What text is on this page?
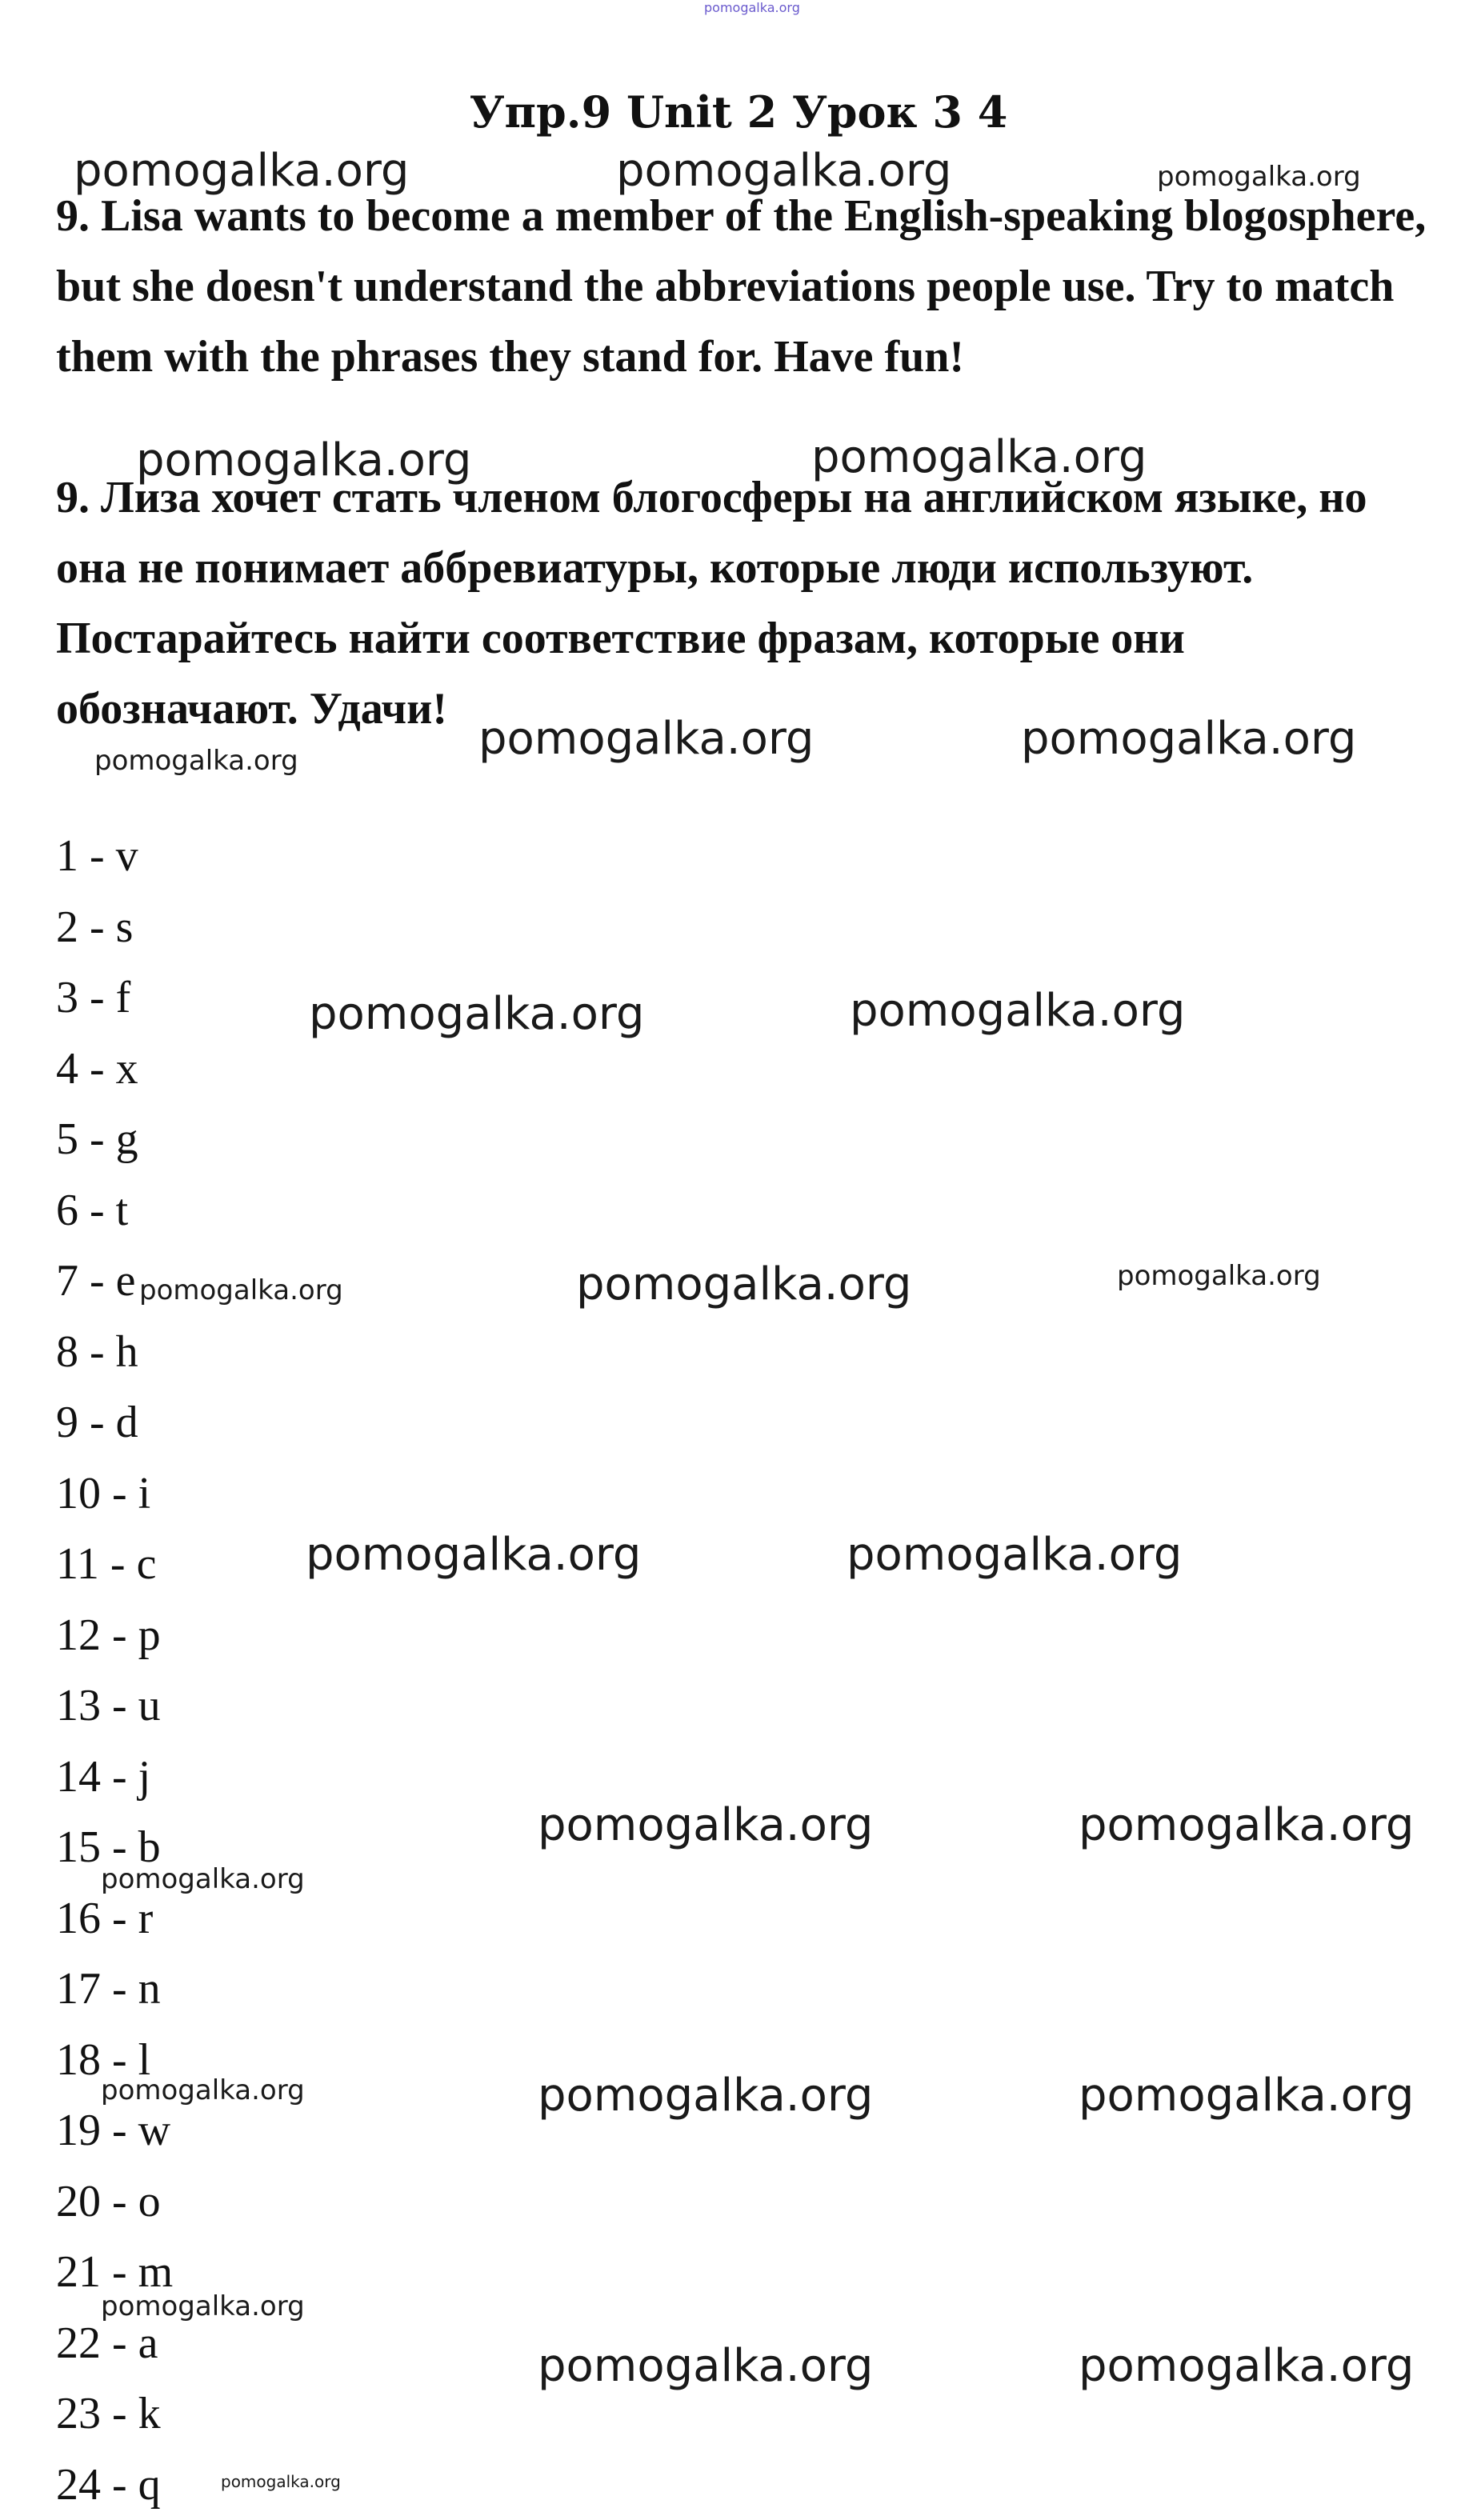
pomogalka.org
pomogalka.org	pomogalka.org	pomogalka.org
pomogalka.org	pomogalka.org
pomogalka.org	pomogalka.org
pomogalka.org
pomogalka.org	pomogalka.org
pomogalka.org	pomogalka.org	pomogalka.org
pomogalka.org	pomogalka.org
pomogalka.org	pomogalka.org
pomogalka.org
pomogalka.org	pomogalka.org	pomogalka.org
pomogalka.org
pomogalka.org	pomogalka.org
pomogalka.org
Упр.9 Unit 2 Урок 3 4

9. Lisa wants to become a member of the English-speaking blogosphere, but she doesn't understand the abbreviations people use. Try to match them with the phrases they stand for. Have fun!

9. Лиза хочет стать членом блогосферы на английском языке, но она не понимает аббревиатуры, которые люди используют. Постарайтесь найти соответствие фразам, которые они обозначают. Удачи!

1 - v
2 - s
3 - f
4 - x
5 - g
6 - t
7 - e
8 - h
9 - d
10 - i
11 - c
12 - p
13 - u
14 - j
15 - b
16 - r
17 - n
18 - l
19 - w
20 - o
21 - m
22 - a
23 - k
24 - q
